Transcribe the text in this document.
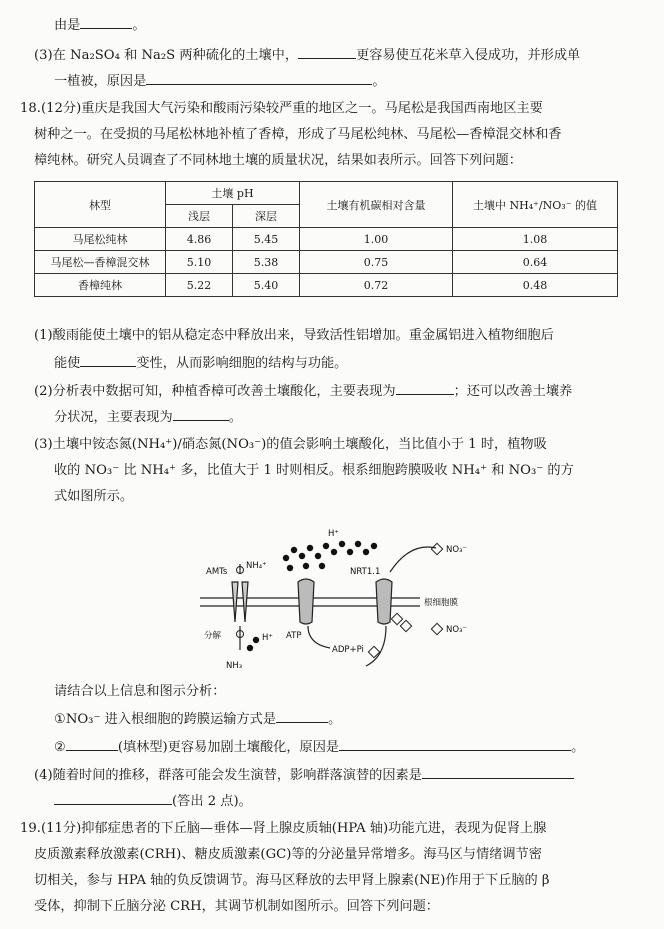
由是	。
(3)在 Na₂SO₄ 和 Na₂S 两种硫化的土壤中，	更容易使互花米草入侵成功，并形成单
一植被，原因是	。
18.(12分)重庆是我国大气污染和酸雨污染较严重的地区之一。马尾松是我国西南地区主要
树种之一。在受损的马尾松林地补植了香樟，形成了马尾松纯林、马尾松—香樟混交林和香
樟纯林。研究人员调查了不同林地土壤的质量状况，结果如表所示。回答下列问题：
林型	土壤 pH		土壤有机碳相对含量	土壤中 NH₄⁺/NO₃⁻ 的值
	浅层	深层		
马尾松纯林	4.86	5.45	1.00	1.08
马尾松—香樟混交林	5.10	5.38	0.75	0.64
香樟纯林	5.22	5.40	0.72	0.48
(1)酸雨能使土壤中的铝从稳定态中释放出来，导致活性铝增加。重金属铝进入植物细胞后
能使	变性，从而影响细胞的结构与功能。
(2)分析表中数据可知，种植香樟可改善土壤酸化，主要表现为	；还可以改善土壤养
分状况，主要表现为	。
(3)土壤中铵态氮(NH₄⁺)/硝态氮(NO₃⁻)的值会影响土壤酸化，当比值小于 1 时，植物吸
收的 NO₃⁻ 比 NH₄⁺ 多，比值大于 1 时则相反。根系细胞跨膜吸收 NH₄⁺ 和 NO₃⁻ 的方
式如图所示。
AMTs
NH₄⁺
H⁺
NRT1.1
NO₃⁻
根细胞膜
分解	H⁺
NH₃
ATP
ADP+Pi
NO₃⁻
请结合以上信息和图示分析：
①NO₃⁻ 进入根细胞的跨膜运输方式是	。
②	(填林型)更容易加剧土壤酸化，原因是	。
(4)随着时间的推移，群落可能会发生演替，影响群落演替的因素是
(答出 2 点)。
19.(11分)抑郁症患者的下丘脑—垂体—肾上腺皮质轴(HPA 轴)功能亢进，表现为促肾上腺
皮质激素释放激素(CRH)、糖皮质激素(GC)等的分泌量异常增多。海马区与情绪调节密
切相关，参与 HPA 轴的负反馈调节。海马区释放的去甲肾上腺素(NE)作用于下丘脑的 β
受体，抑制下丘脑分泌 CRH，其调节机制如图所示。回答下列问题：
